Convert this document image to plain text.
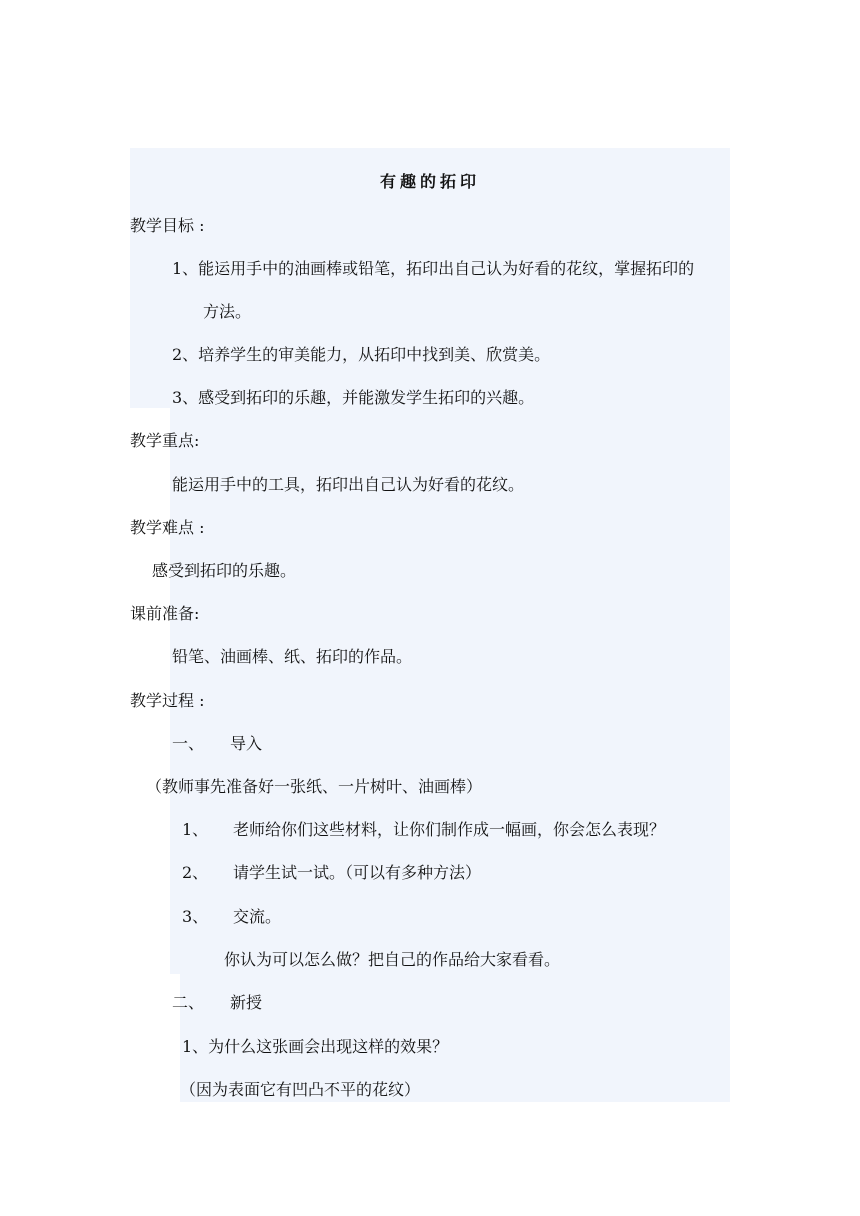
有趣的拓印
教学目标 :
1、能运用手中的油画棒或铅笔，拓印出自己认为好看的花纹，掌握拓印的
方法。
2、培养学生的审美能力，从拓印中找到美、欣赏美。
3、感受到拓印的乐趣，并能激发学生拓印的兴趣。
教学重点:
能运用手中的工具，拓印出自己认为好看的花纹。
教学难点 :
感受到拓印的乐趣。
课前准备:
铅笔、油画棒、纸、拓印的作品。
教学过程 :
一、 导入
（教师事先准备好一张纸、一片树叶、油画棒）
1、 老师给你们这些材料，让你们制作成一幅画，你会怎么表现？
2、 请学生试一试。（可以有多种方法）
3、 交流。
你认为可以怎么做？把自己的作品给大家看看。
二、 新授
1、为什么这张画会出现这样的效果？
（因为表面它有凹凸不平的花纹）
